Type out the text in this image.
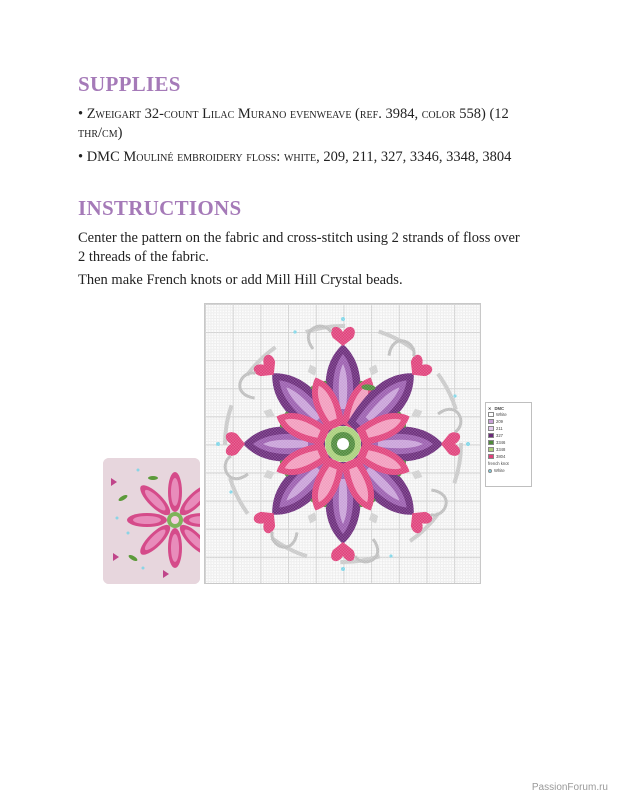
SUPPLIES

• Zweigart 32-count Lilac Murano evenweave (ref. 3984, color 558) (12

thr/cm)

• DMC Mouliné embroidery floss: white, 209, 211, 327, 3346, 3348, 3804

INSTRUCTIONS

Center the pattern on the fabric and cross-stitch using 2 strands of floss over

2 threads of the fabric.

Then make French knots or add Mill Hill Crystal beads.

✕ DMC
White
209
211
327
3346
3348
3804
french knot
White
PassionForum.ru
